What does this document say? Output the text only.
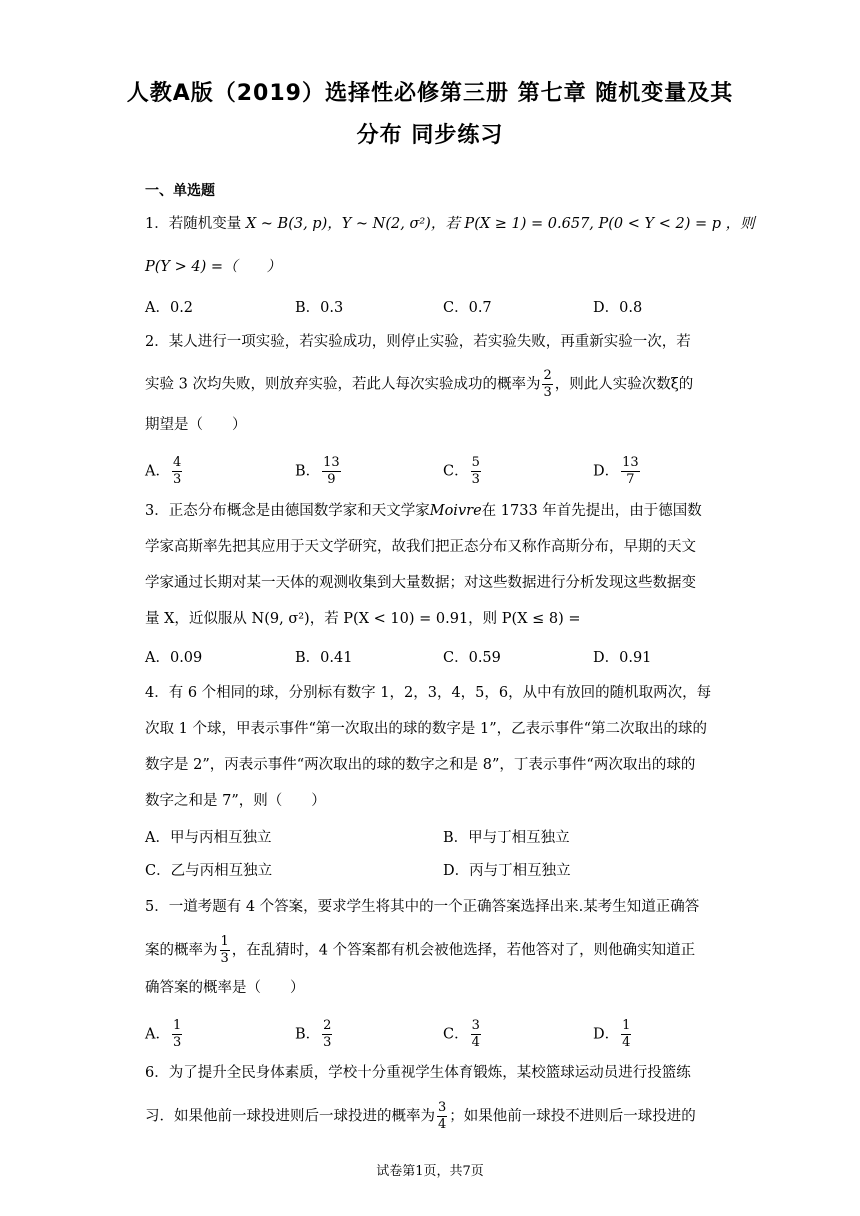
人教A版（2019）选择性必修第三册 第七章 随机变量及其
分布 同步练习
一、单选题
1．若随机变量 X ~ B(3, p)，Y ~ N(2, σ²)，若 P(X ≥ 1) = 0.657, P(0 < Y < 2) = p ，则
P(Y > 4) =（　　）
A．0.2	B．0.3	C．0.7	D．0.8
2．某人进行一项实验，若实验成功，则停止实验，若实验失败，再重新实验一次，若
实验 3 次均失败，则放弃实验，若此人每次实验成功的概率为 $\frac{2}{3}$ ，则此人实验次数ξ的
期望是（　　）
A． $\frac{4}{3}$	B． $\frac{13}{9}$	C． $\frac{5}{3}$	D． $\frac{13}{7}$
3．正态分布概念是由德国数学家和天文学家Moivre在 1733 年首先提出，由于德国数
学家高斯率先把其应用于天文学研究，故我们把正态分布又称作高斯分布，早期的天文
学家通过长期对某一天体的观测收集到大量数据；对这些数据进行分析发现这些数据变
量 X，近似服从 N(9, σ²)，若 P(X < 10) = 0.91，则 P(X ≤ 8) =
A．0.09	B．0.41	C．0.59	D．0.91
4．有 6 个相同的球，分别标有数字 1，2，3，4，5，6，从中有放回的随机取两次，每
次取 1 个球，甲表示事件“第一次取出的球的数字是 1”，乙表示事件“第二次取出的球的
数字是 2”，丙表示事件“两次取出的球的数字之和是 8”，丁表示事件“两次取出的球的
数字之和是 7”，则（　　）
A．甲与丙相互独立	B．甲与丁相互独立
C．乙与丙相互独立	D．丙与丁相互独立
5．一道考题有 4 个答案，要求学生将其中的一个正确答案选择出来.某考生知道正确答
案的概率为 $\frac{1}{3}$ ，在乱猜时，4 个答案都有机会被他选择，若他答对了，则他确实知道正
确答案的概率是（　　）
A． $\frac{1}{3}$	B． $\frac{2}{3}$	C． $\frac{3}{4}$	D． $\frac{1}{4}$
6．为了提升全民身体素质，学校十分重视学生体育锻炼，某校篮球运动员进行投篮练
习．如果他前一球投进则后一球投进的概率为 $\frac{3}{4}$ ；如果他前一球投不进则后一球投进的
试卷第1页，共7页
